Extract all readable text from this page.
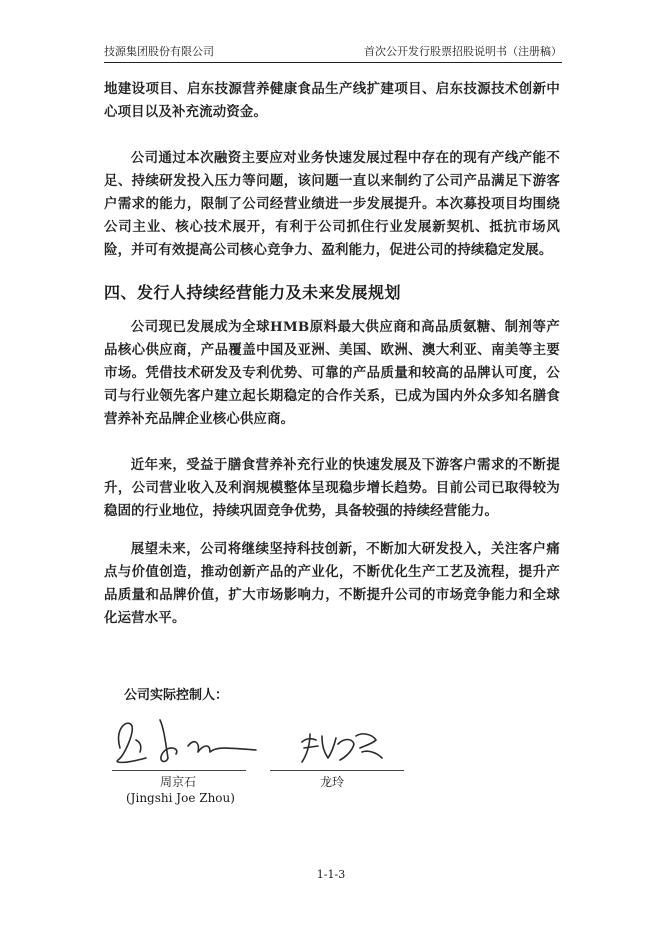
技源集团股份有限公司	首次公开发行股票招股说明书（注册稿）
地建设项目、启东技源营养健康食品生产线扩建项目、启东技源技术创新中心项目以及补充流动资金。
公司通过本次融资主要应对业务快速发展过程中存在的现有产线产能不足、持续研发投入压力等问题，该问题一直以来制约了公司产品满足下游客户需求的能力，限制了公司经营业绩进一步发展提升。本次募投项目均围绕公司主业、核心技术展开，有利于公司抓住行业发展新契机、抵抗市场风险，并可有效提高公司核心竞争力、盈利能力，促进公司的持续稳定发展。
四、发行人持续经营能力及未来发展规划
公司现已发展成为全球HMB原料最大供应商和高品质氨糖、制剂等产品核心供应商，产品覆盖中国及亚洲、美国、欧洲、澳大利亚、南美等主要市场。凭借技术研发及专利优势、可靠的产品质量和较高的品牌认可度，公司与行业领先客户建立起长期稳定的合作关系，已成为国内外众多知名膳食营养补充品牌企业核心供应商。
近年来，受益于膳食营养补充行业的快速发展及下游客户需求的不断提升，公司营业收入及利润规模整体呈现稳步增长趋势。目前公司已取得较为稳固的行业地位，持续巩固竞争优势，具备较强的持续经营能力。
展望未来，公司将继续坚持科技创新，不断加大研发投入，关注客户痛点与价值创造，推动创新产品的产业化，不断优化生产工艺及流程，提升产品质量和品牌价值，扩大市场影响力，不断提升公司的市场竞争能力和全球化运营水平。
公司实际控制人：
周京石
(Jingshi Joe Zhou)
龙玲
1-1-3
